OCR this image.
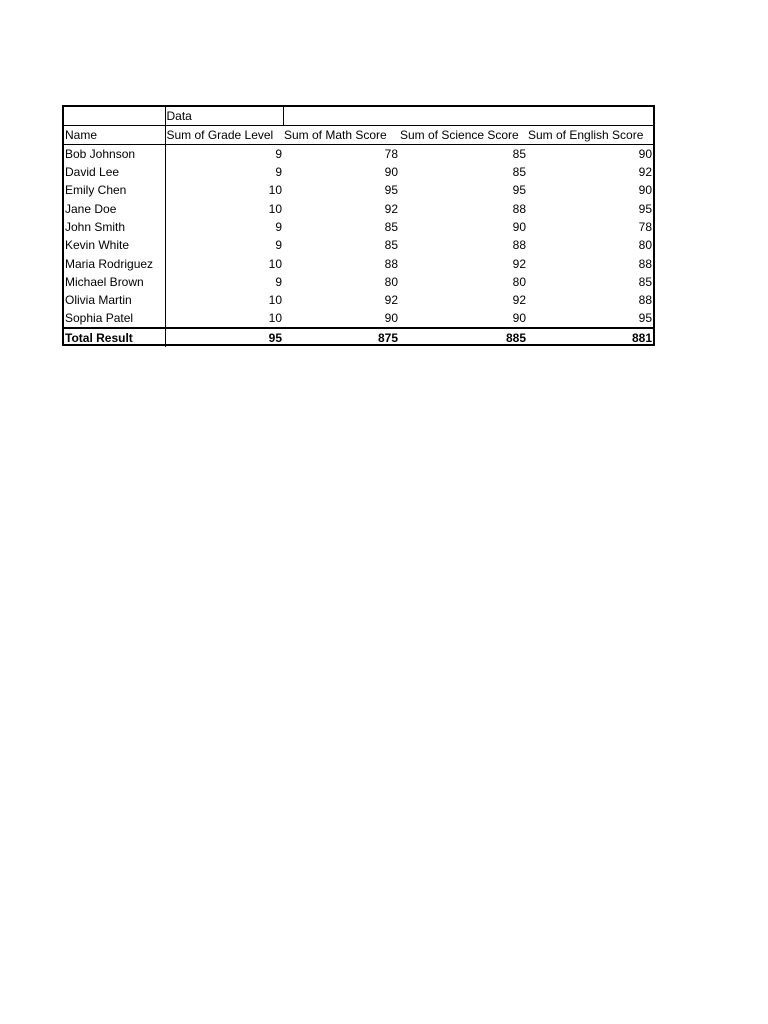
	Data			
Name	Sum of Grade Level	Sum of Math Score	Sum of Science Score	Sum of English Score
Bob Johnson	9	78	85	90
David Lee	9	90	85	92
Emily Chen	10	95	95	90
Jane Doe	10	92	88	95
John Smith	9	85	90	78
Kevin White	9	85	88	80
Maria Rodriguez	10	88	92	88
Michael Brown	9	80	80	85
Olivia Martin	10	92	92	88
Sophia Patel	10	90	90	95
Total Result	95	875	885	881
